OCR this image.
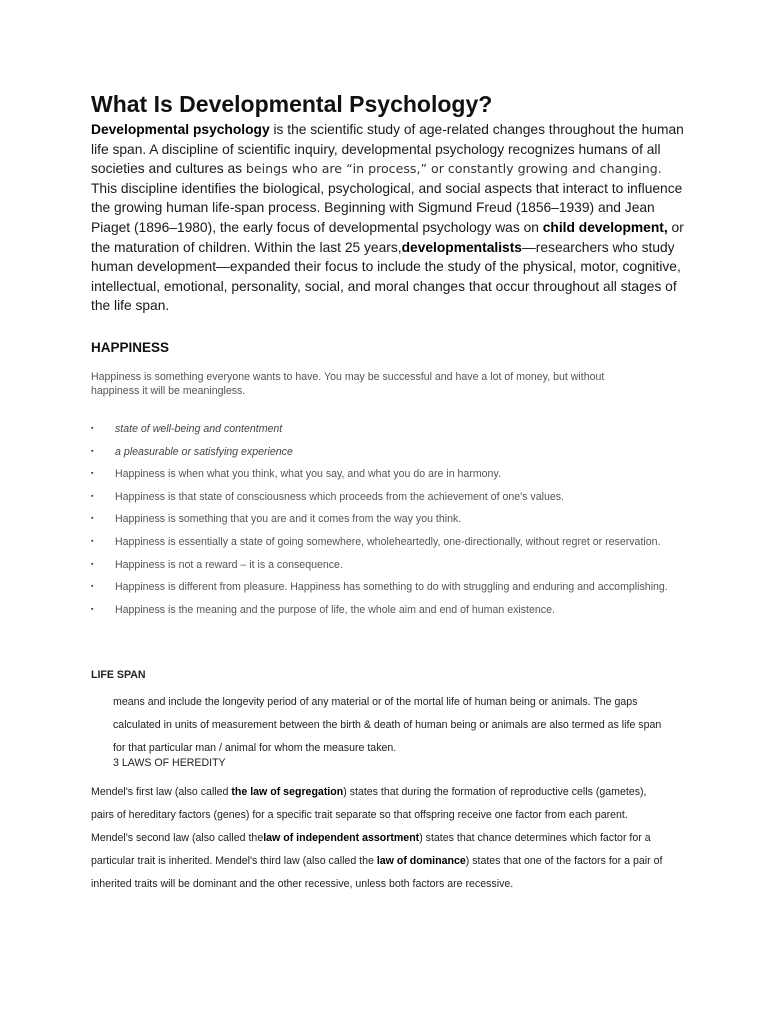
What Is Developmental Psychology?

Developmental psychology is the scientific study of age-related changes throughout the human life span. A discipline of scientific inquiry, developmental psychology recognizes humans of all societies and cultures as beings who are “in process,” or constantly growing and changing. This discipline identifies the biological, psychological, and social aspects that interact to influence the growing human life-span process. Beginning with Sigmund Freud (1856–1939) and Jean Piaget (1896–1980), the early focus of developmental psychology was on child development, or the maturation of children. Within the last 25 years,developmentalists—researchers who study human development—expanded their focus to include the study of the physical, motor, cognitive, intellectual, emotional, personality, social, and moral changes that occur throughout all stages of the life span.

HAPPINESS

Happiness is something everyone wants to have. You may be successful and have a lot of money, but without happiness it will be meaningless.

▪ state of well-being and contentment
▪ a pleasurable or satisfying experience
▪ Happiness is when what you think, what you say, and what you do are in harmony.
▪ Happiness is that state of consciousness which proceeds from the achievement of one's values.
▪ Happiness is something that you are and it comes from the way you think.
▪ Happiness is essentially a state of going somewhere, wholeheartedly, one-directionally, without regret or reservation.
▪ Happiness is not a reward – it is a consequence.
▪ Happiness is different from pleasure. Happiness has something to do with struggling and enduring and accomplishing.
▪ Happiness is the meaning and the purpose of life, the whole aim and end of human existence.

LIFE SPAN

means and include the longevity period of any material or of the mortal life of human being or animals. The gaps calculated in units of measurement between the birth & death of human being or animals are also termed as life span for that particular man / animal for whom the measure taken.

3 LAWS OF HEREDITY

Mendel's first law (also called the law of segregation) states that during the formation of reproductive cells (gametes), pairs of hereditary factors (genes) for a specific trait separate so that offspring receive one factor from each parent. Mendel's second law (also called thelaw of independent assortment) states that chance determines which factor for a particular trait is inherited. Mendel's third law (also called the law of dominance) states that one of the factors for a pair of inherited traits will be dominant and the other recessive, unless both factors are recessive.
